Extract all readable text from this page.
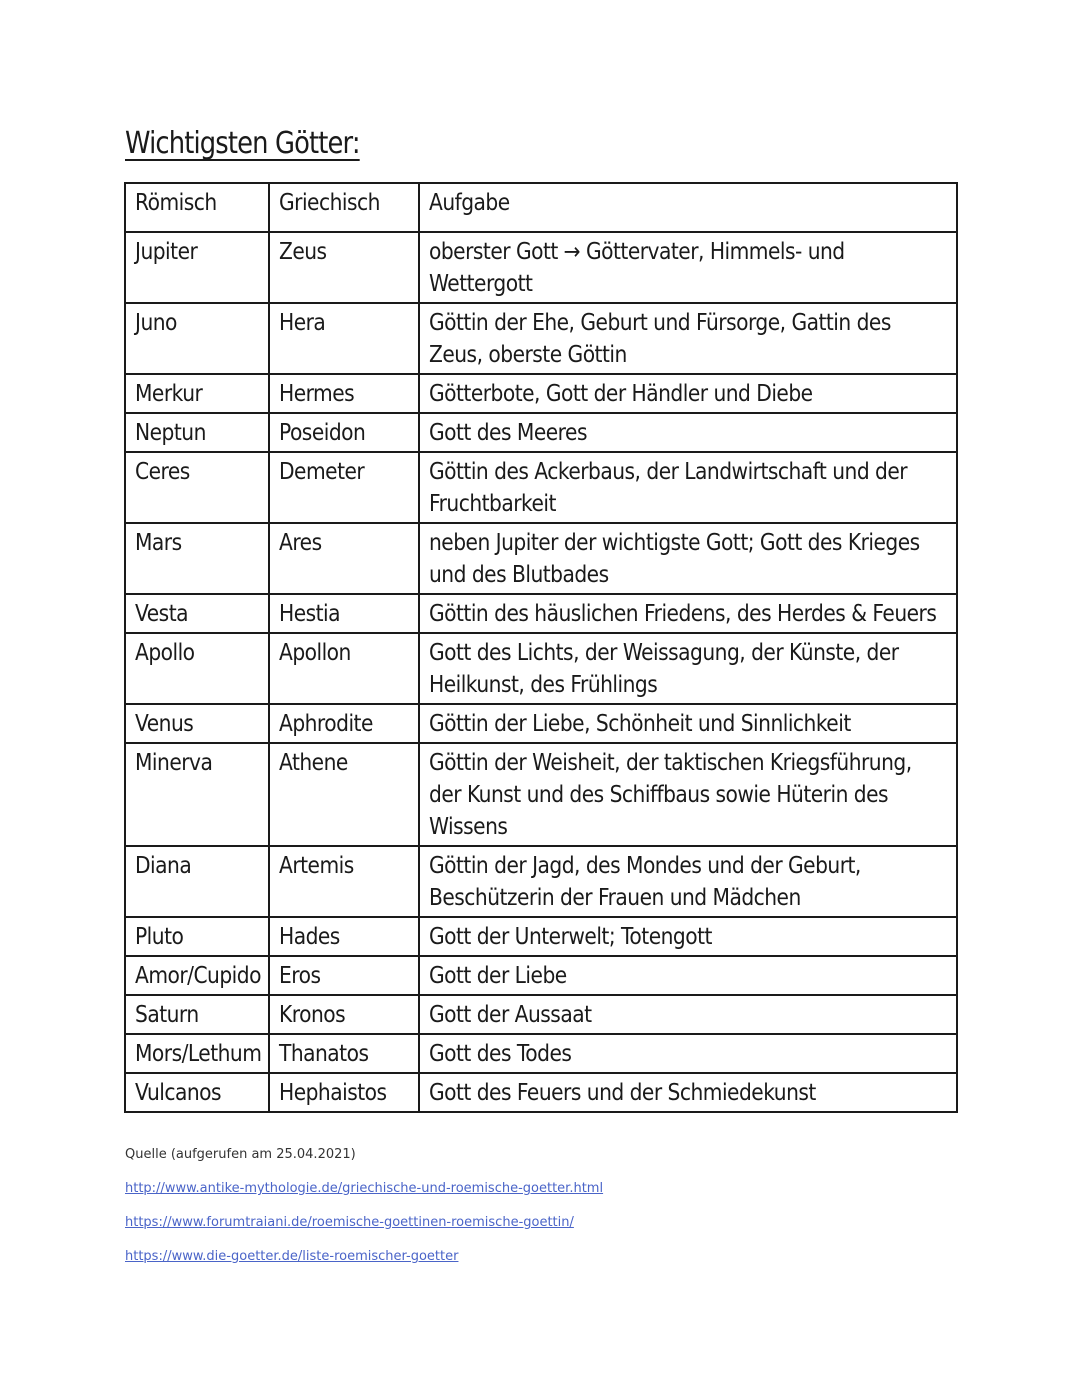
Wichtigsten Götter:
Römisch	Griechisch	Aufgabe
Jupiter	Zeus	oberster Gott → Göttervater, Himmels- und Wettergott
Juno	Hera	Göttin der Ehe, Geburt und Fürsorge, Gattin des Zeus, oberste Göttin
Merkur	Hermes	Götterbote, Gott der Händler und Diebe
Neptun	Poseidon	Gott des Meeres
Ceres	Demeter	Göttin des Ackerbaus, der Landwirtschaft und der Fruchtbarkeit
Mars	Ares	neben Jupiter der wichtigste Gott; Gott des Krieges und des Blutbades
Vesta	Hestia	Göttin des häuslichen Friedens, des Herdes & Feuers
Apollo	Apollon	Gott des Lichts, der Weissagung, der Künste, der Heilkunst, des Frühlings
Venus	Aphrodite	Göttin der Liebe, Schönheit und Sinnlichkeit
Minerva	Athene	Göttin der Weisheit, der taktischen Kriegsführung, der Kunst und des Schiffbaus sowie Hüterin des Wissens
Diana	Artemis	Göttin der Jagd, des Mondes und der Geburt, Beschützerin der Frauen und Mädchen
Pluto	Hades	Gott der Unterwelt; Totengott
Amor/Cupido	Eros	Gott der Liebe
Saturn	Kronos	Gott der Aussaat
Mors/Lethum	Thanatos	Gott des Todes
Vulcanos	Hephaistos	Gott des Feuers und der Schmiedekunst
Quelle (aufgerufen am 25.04.2021)
http://www.antike-mythologie.de/griechische-und-roemische-goetter.html
https://www.forumtraiani.de/roemische-goettinen-roemische-goettin/
https://www.die-goetter.de/liste-roemischer-goetter
